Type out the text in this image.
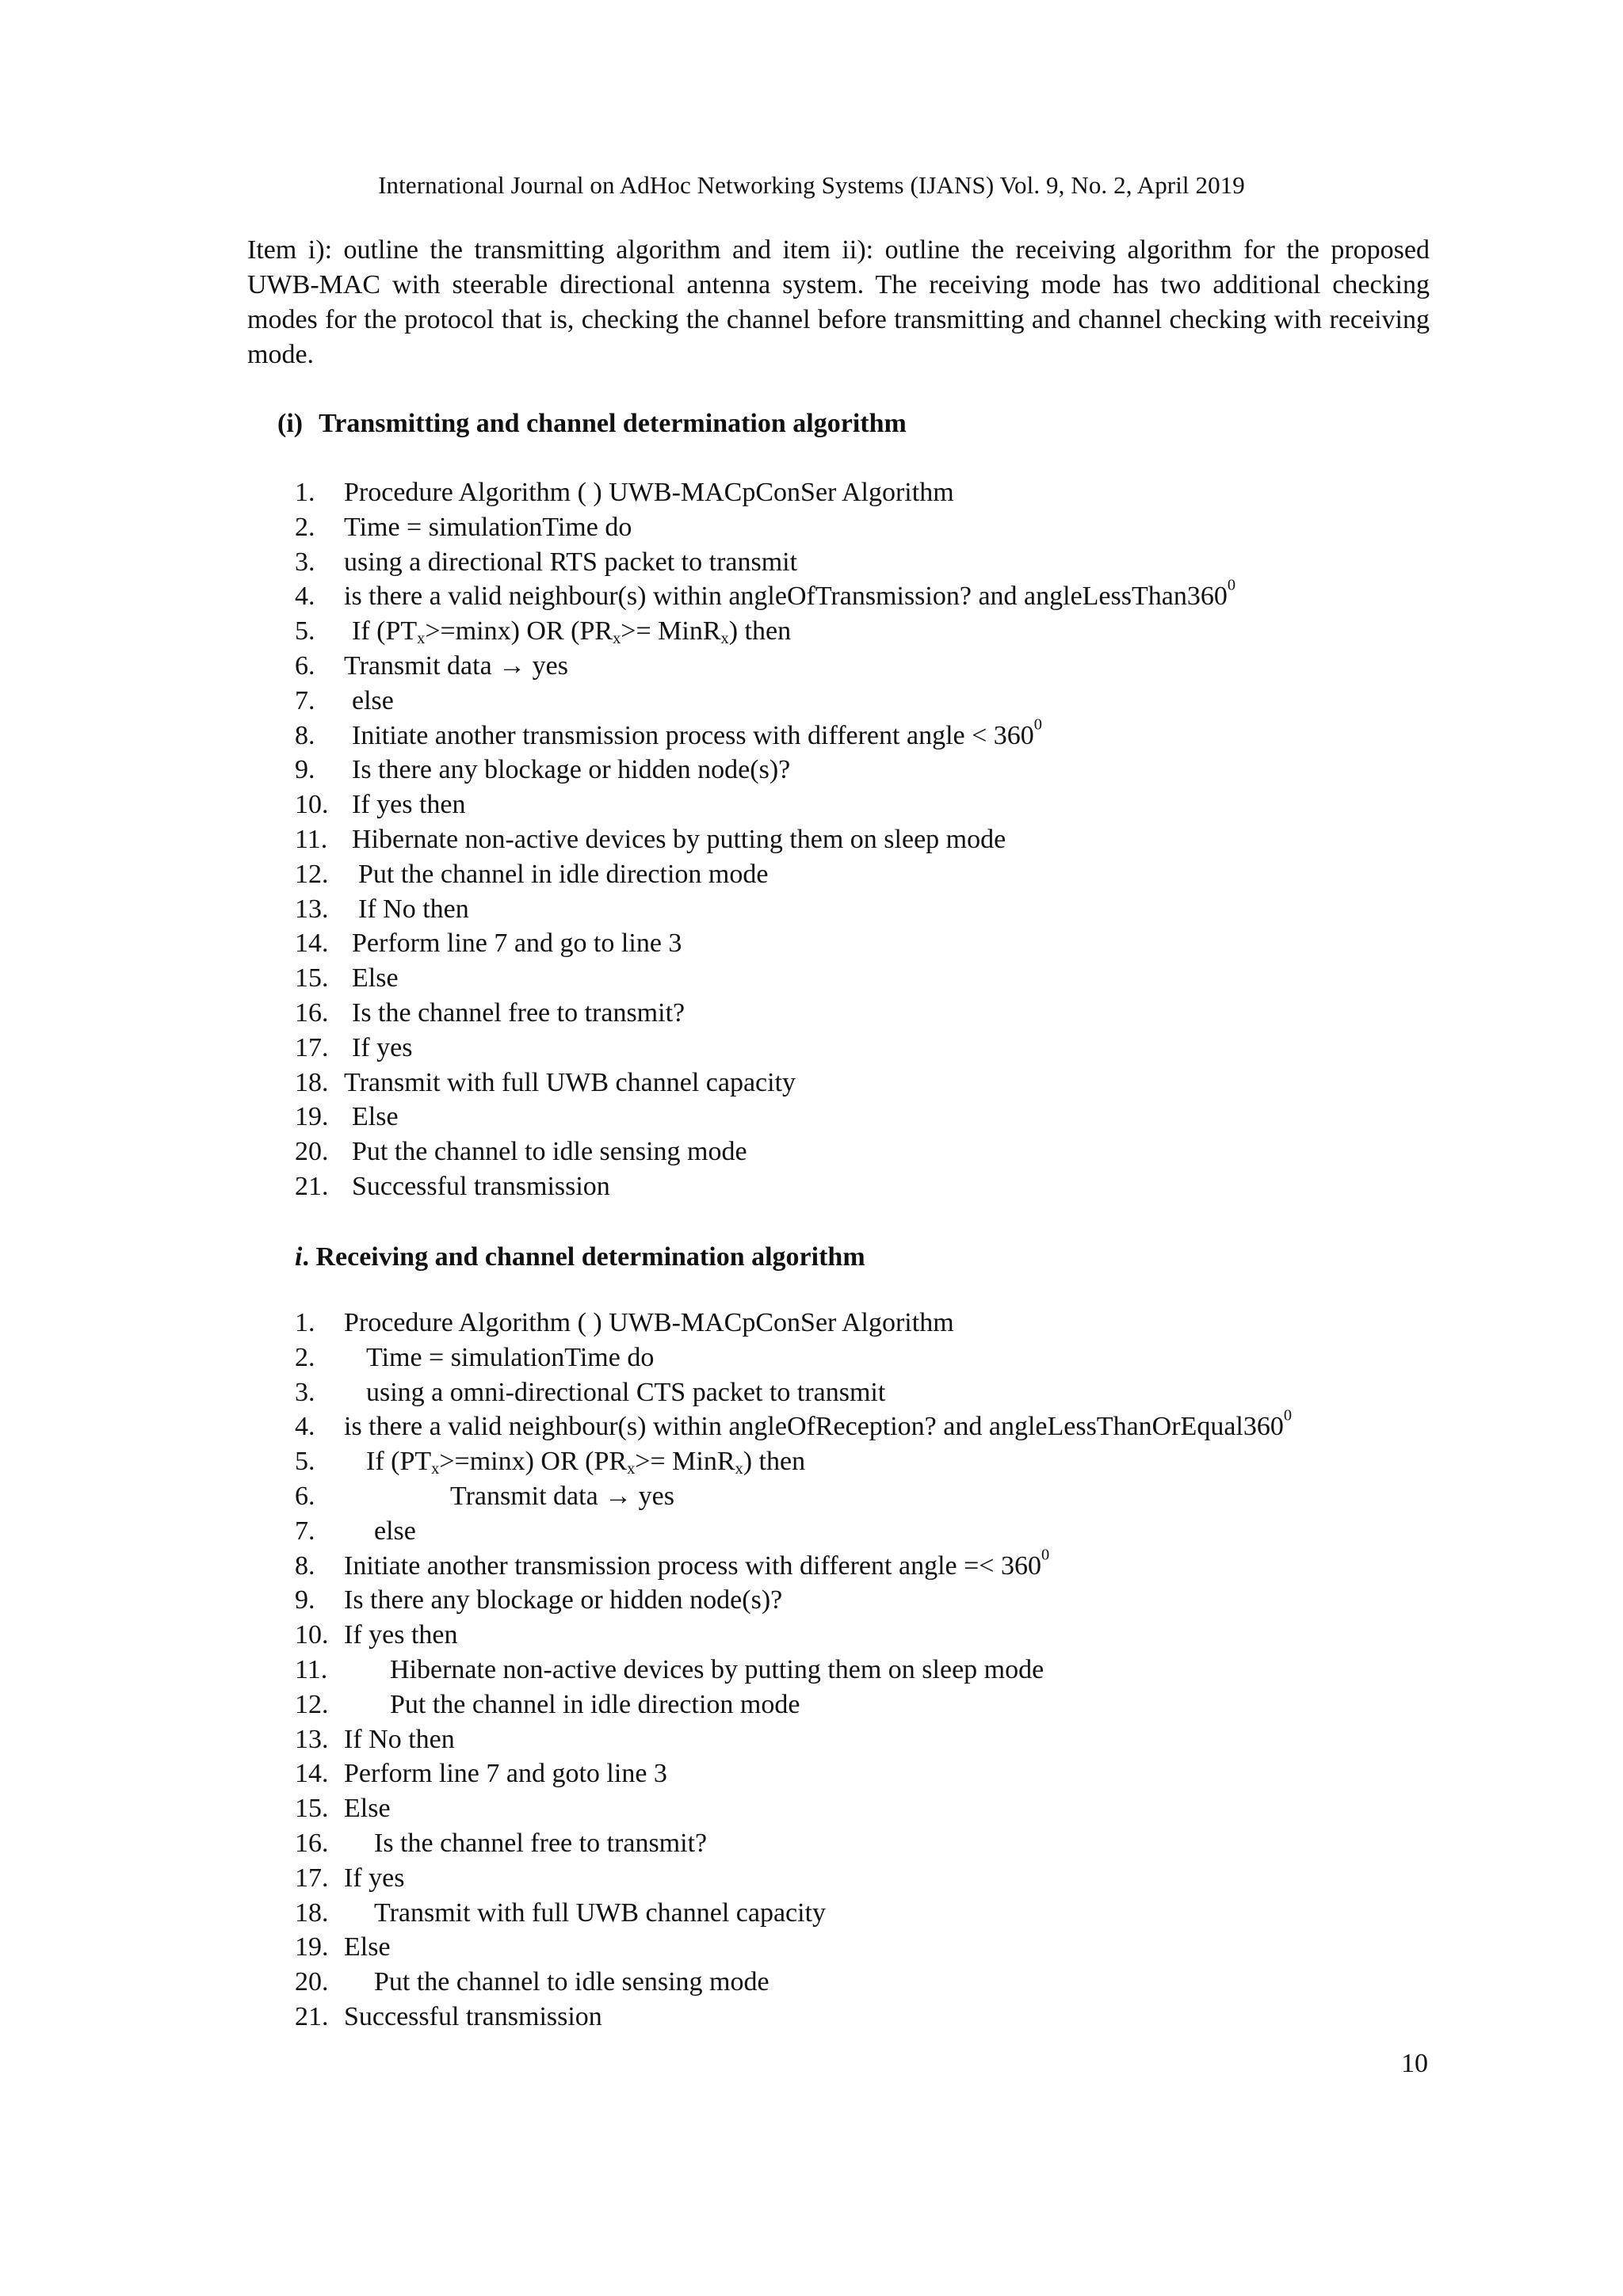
International Journal on AdHoc Networking Systems (IJANS) Vol. 9, No. 2, April 2019

Item i): outline the transmitting algorithm and item ii): outline the receiving algorithm for the proposed UWB-MAC with steerable directional antenna system. The receiving mode has two additional checking modes for the protocol that is, checking the channel before transmitting and channel checking with receiving mode.

(i) Transmitting and channel determination algorithm
1. Procedure Algorithm ( ) UWB-MACpConSer Algorithm
2. Time = simulationTime do
3. using a directional RTS packet to transmit
4. is there a valid neighbour(s) within angleOfTransmission? and $angleLessThan360^0$
5. If $(PT_x>=\min x)$ OR ($PR_x>=$ MinR$_x$) then
6. Transmit data → yes
7. else
8. Initiate another transmission process with different angle < $360^0$
9. Is there any blockage or hidden node(s)?
10. If yes then
11. Hibernate non-active devices by putting them on sleep mode
12. Put the channel in idle direction mode
13. If No then
14. Perform line 7 and go to line 3
15. Else
16. Is the channel free to transmit?
17. If yes
18. Transmit with full UWB channel capacity
19. Else
20. Put the channel to idle sensing mode
21. Successful transmission
i. Receiving and channel determination algorithm
1. Procedure Algorithm ( ) UWB-MACpConSer Algorithm
2. Time = simulationTime do
3. using a omni-directional CTS packet to transmit
4. is there a valid neighbour(s) within angleOfReception? and $angleLessThanOrEqual360^0$
5. If $(PT_x>=\min x)$ OR ($PR_x>=$ MinR$_x$) then
6.	Transmit data → yes
7. else
8. Initiate another transmission process with different angle =< $360^0$
9. Is there any blockage or hidden node(s)?
10. If yes then
11. Hibernate non-active devices by putting them on sleep mode
12. Put the channel in idle direction mode
13. If No then
14. Perform line 7 and goto line 3
15. Else
16. Is the channel free to transmit?
17. If yes
18. Transmit with full UWB channel capacity
19. Else
20. Put the channel to idle sensing mode
21. Successful transmission
10
